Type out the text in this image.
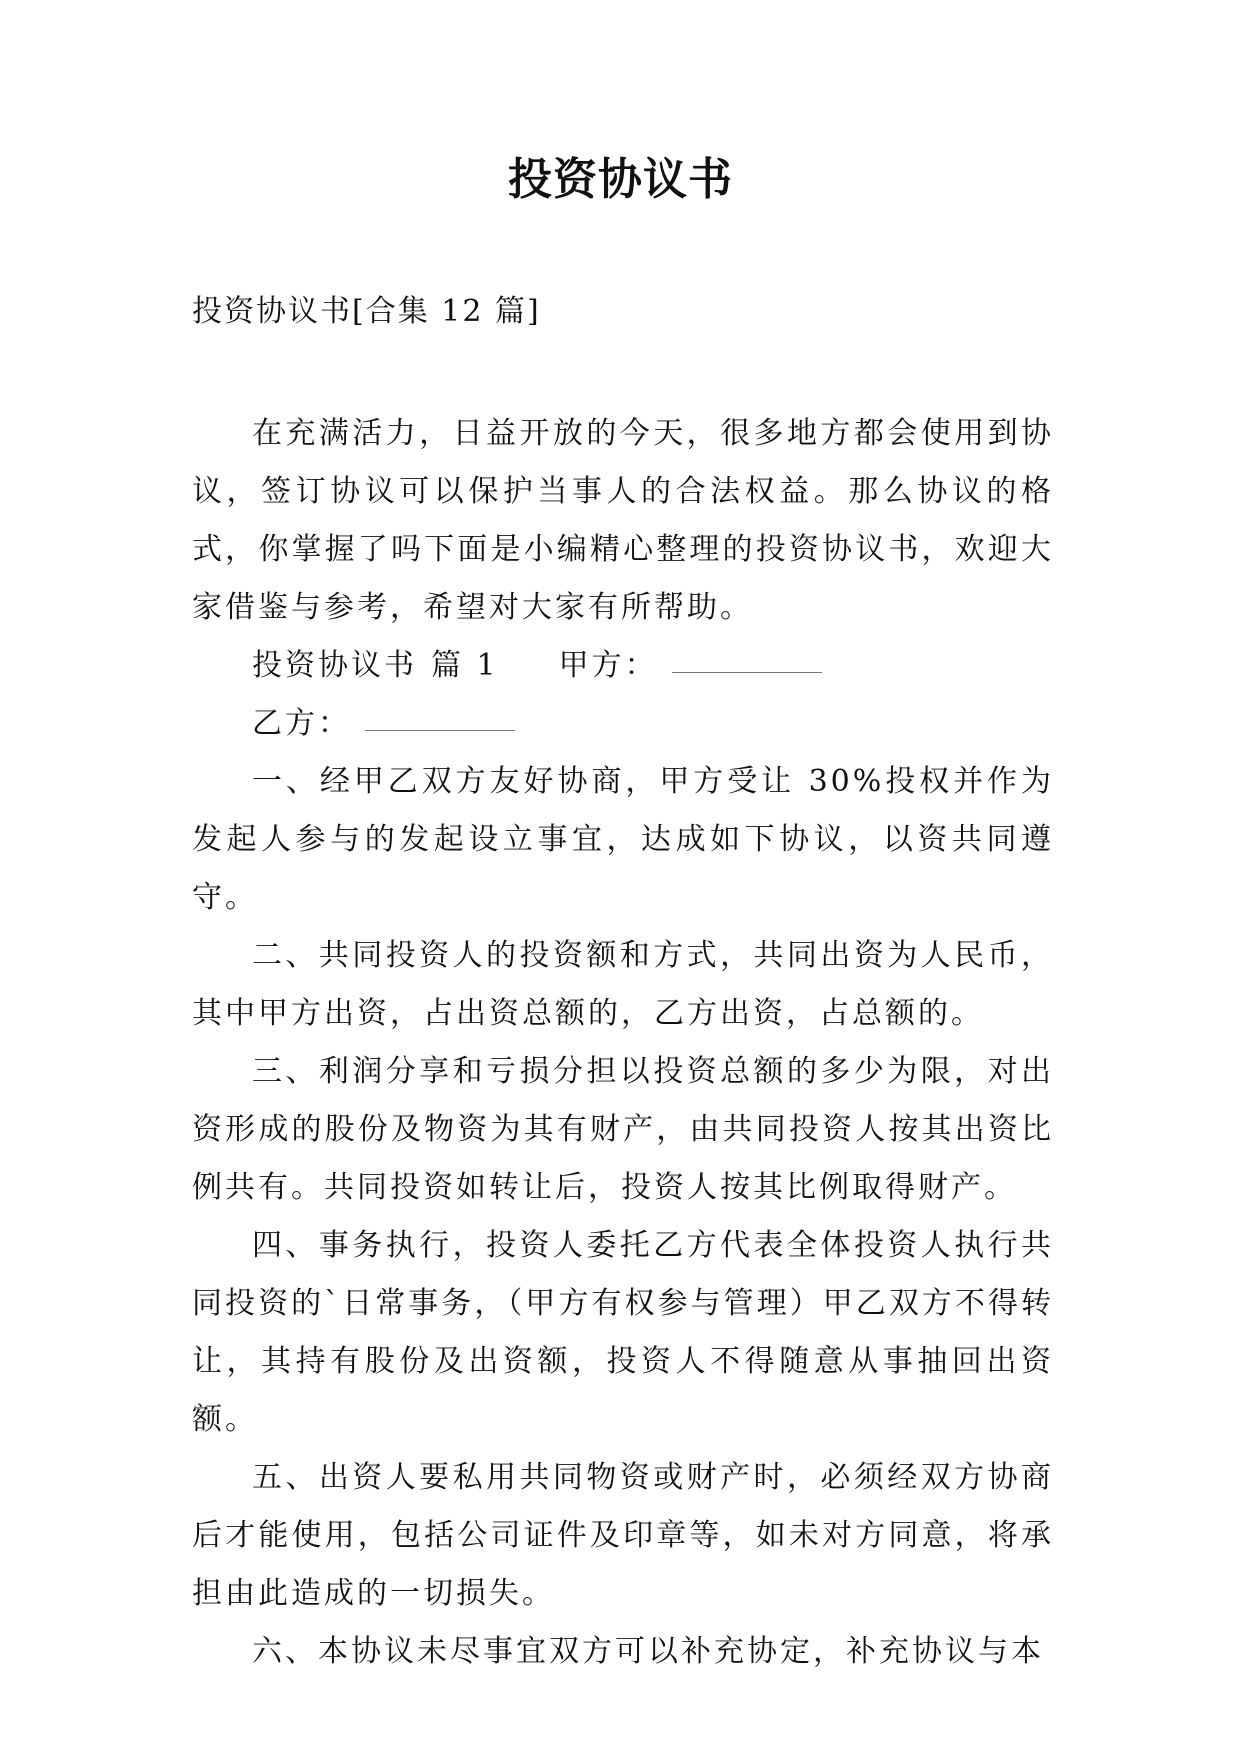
投资协议书
投资协议书[合集 12 篇]

在充满活力，日益开放的今天，很多地方都会使用到协议，签订协议可以保护当事人的合法权益。那么协议的格式，你掌握了吗下面是小编精心整理的投资协议书，欢迎大家借鉴与参考，希望对大家有所帮助。

投资协议书 篇 1 甲方：

乙方：

一、经甲乙双方友好协商，甲方受让 30%投权并作为发起人参与的发起设立事宜，达成如下协议，以资共同遵守。

二、共同投资人的投资额和方式，共同出资为人民币，其中甲方出资，占出资总额的，乙方出资，占总额的。

三、利润分享和亏损分担以投资总额的多少为限，对出资形成的股份及物资为其有财产，由共同投资人按其出资比例共有。共同投资如转让后，投资人按其比例取得财产。

四、事务执行，投资人委托乙方代表全体投资人执行共同投资的`日常事务，（甲方有权参与管理）甲乙双方不得转让，其持有股份及出资额，投资人不得随意从事抽回出资额。

五、出资人要私用共同物资或财产时，必须经双方协商后才能使用，包括公司证件及印章等，如未对方同意，将承担由此造成的一切损失。

六、本协议未尽事宜双方可以补充协定，补充协议与本
